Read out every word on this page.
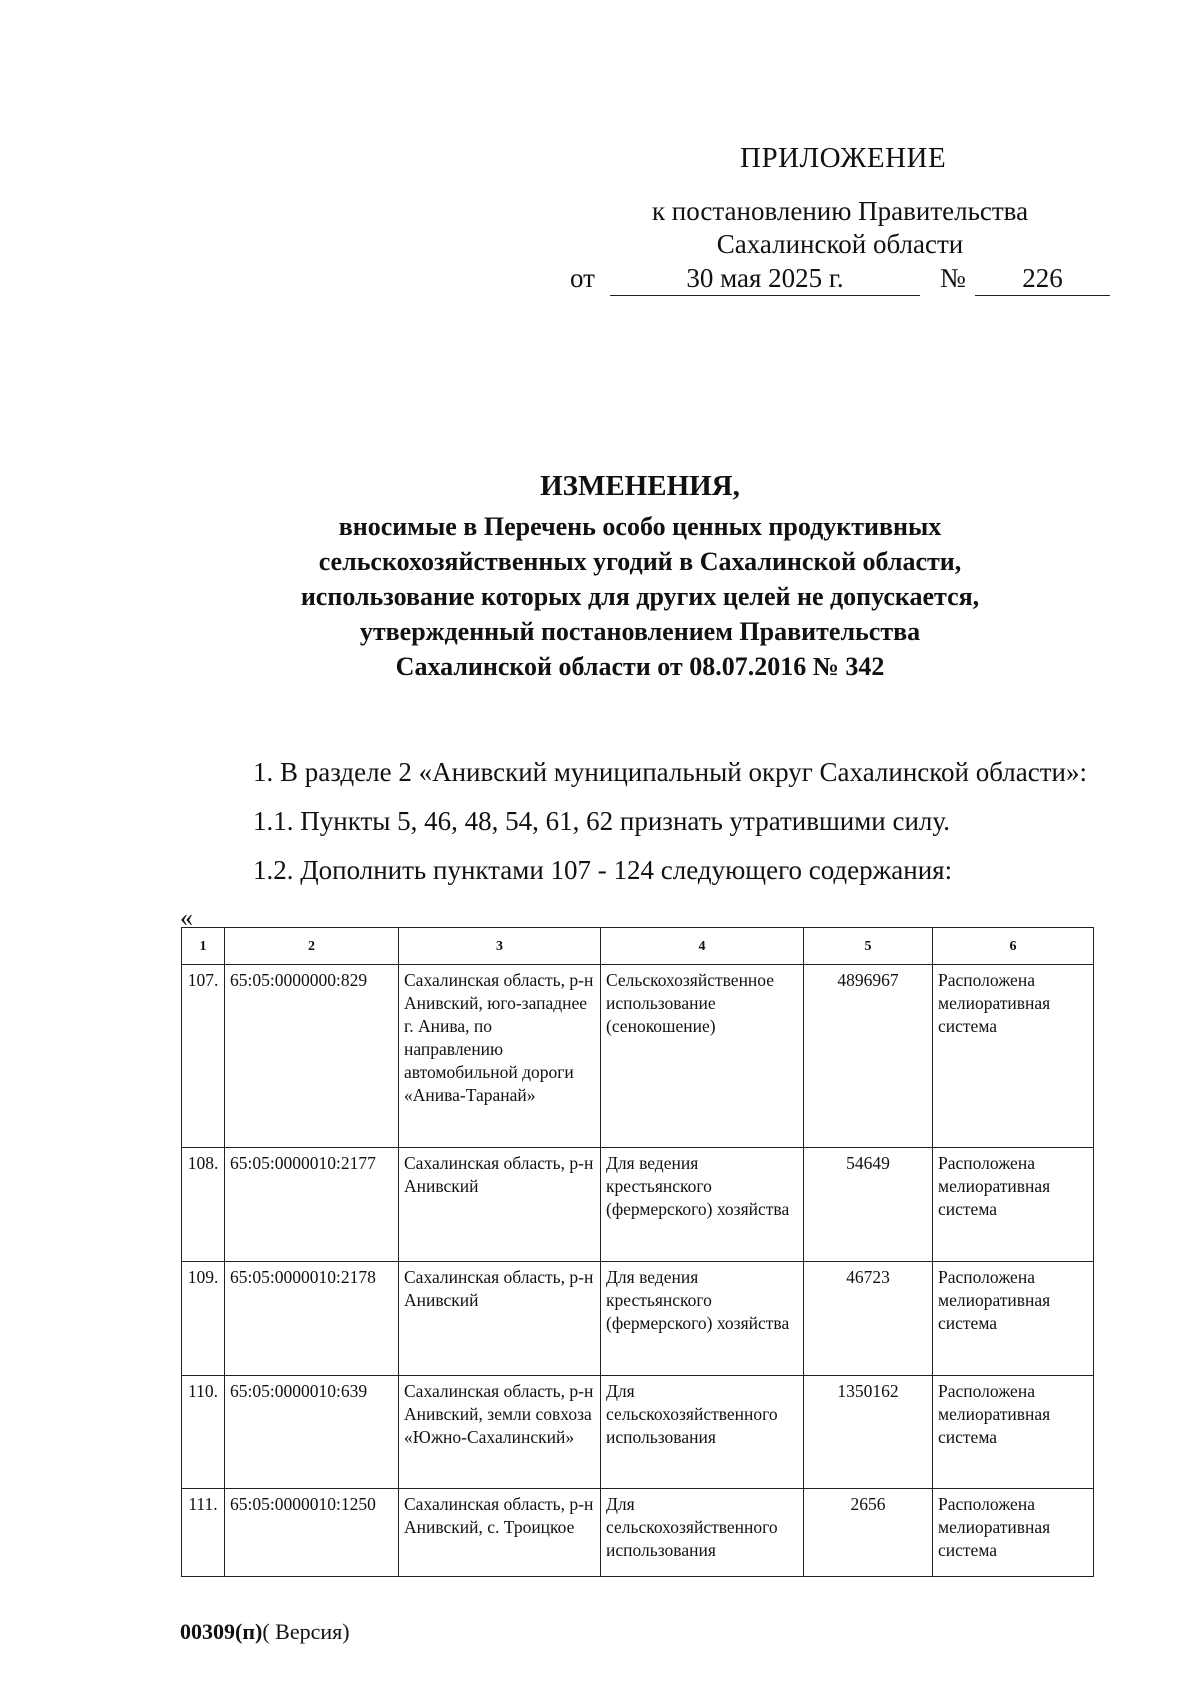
ПРИЛОЖЕНИЕ
к постановлению Правительства
Сахалинской области
от	30 мая 2025 г.	№	226
ИЗМЕНЕНИЯ,
вносимые в Перечень особо ценных продуктивных
сельскохозяйственных угодий в Сахалинской области,
использование которых для других целей не допускается,
утвержденный постановлением Правительства
Сахалинской области от 08.07.2016 № 342
1. В разделе 2 «Анивский муниципальный округ Сахалинской области»:
1.1. Пункты 5, 46, 48, 54, 61, 62 признать утратившими силу.
1.2. Дополнить пунктами 107 - 124 следующего содержания:
«
1	2	3	4	5	6
107.	65:05:0000000:829	Сахалинская область, р-н Анивский, юго-западнее г. Анива, по направлению автомобильной дороги «Анива-Таранай»	Сельскохозяйственное использование (сенокошение)	4896967	Расположена мелиоративная система
108.	65:05:0000010:2177	Сахалинская область, р-н Анивский	Для ведения крестьянского (фермерского) хозяйства	54649	Расположена мелиоративная система
109.	65:05:0000010:2178	Сахалинская область, р-н Анивский	Для ведения крестьянского (фермерского) хозяйства	46723	Расположена мелиоративная система
110.	65:05:0000010:639	Сахалинская область, р-н Анивский, земли совхоза «Южно-Сахалинский»	Для сельскохозяйственного использования	1350162	Расположена мелиоративная система
111.	65:05:0000010:1250	Сахалинская область, р-н Анивский, с. Троицкое	Для сельскохозяйственного использования	2656	Расположена мелиоративная система
00309(п)( Версия)
